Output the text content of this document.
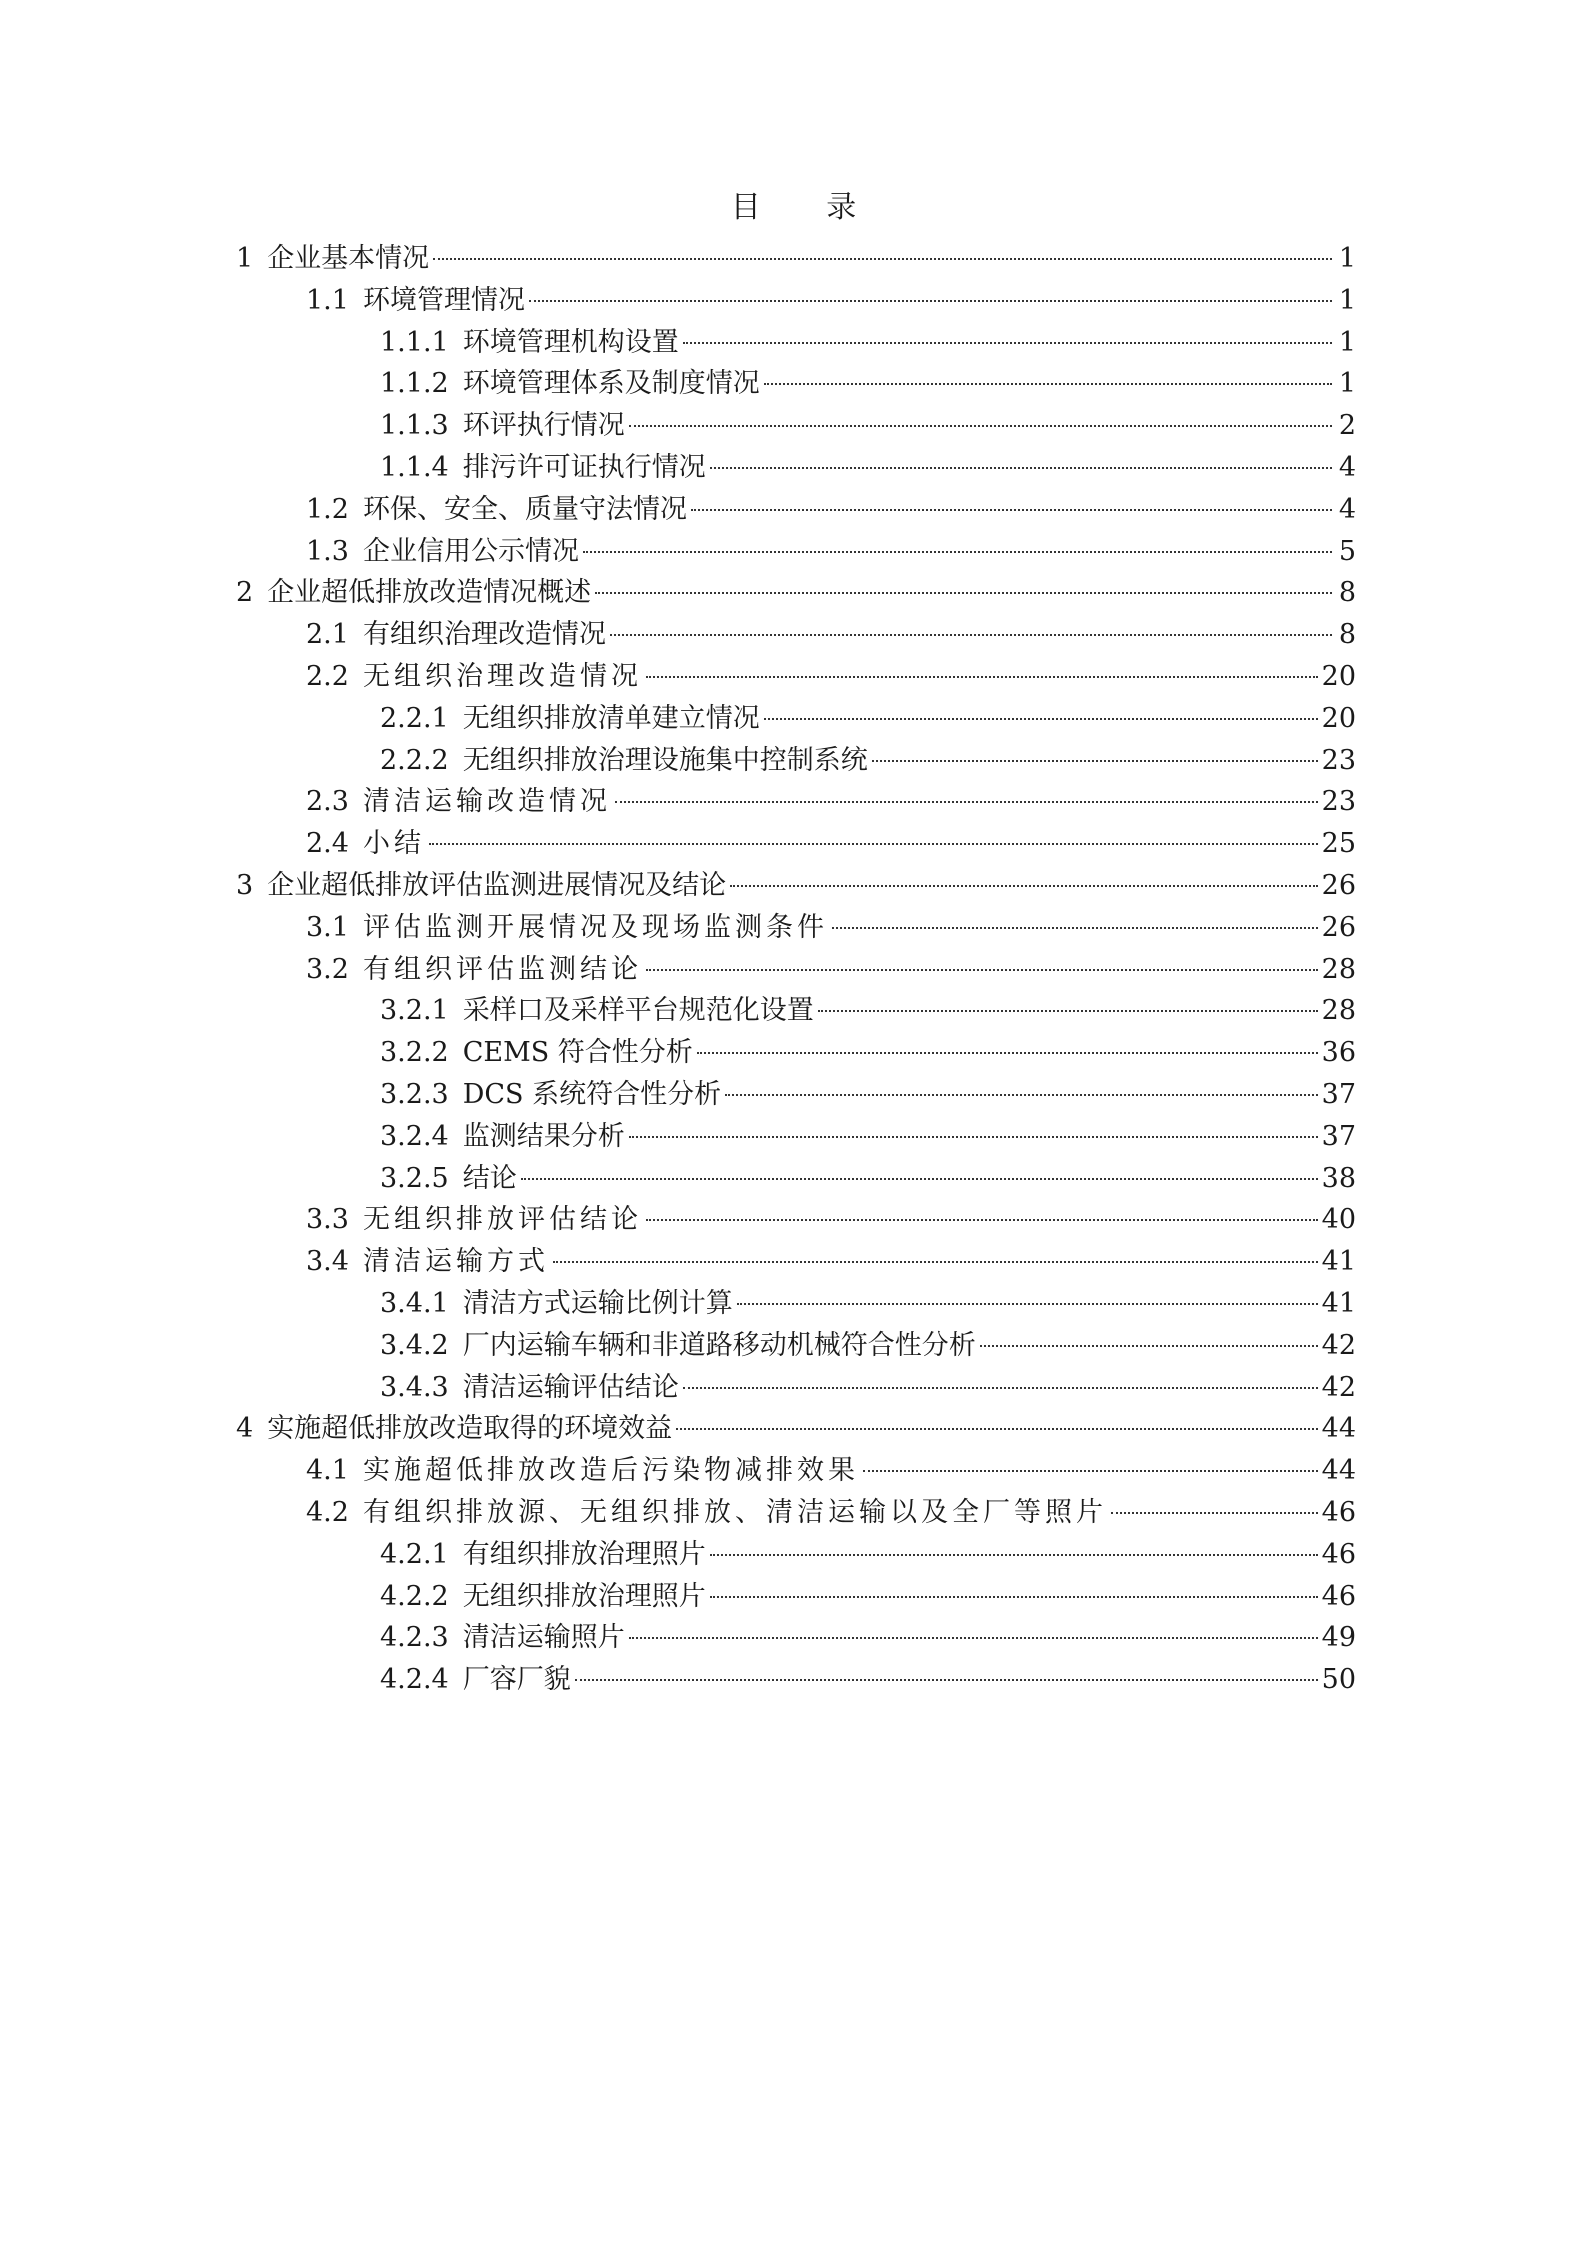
目 录
1 企业基本情况	1
1.1 环境管理情况	1
1.1.1 环境管理机构设置	1
1.1.2 环境管理体系及制度情况	1
1.1.3 环评执行情况	2
1.1.4 排污许可证执行情况	4
1.2 环保、安全、质量守法情况	4
1.3 企业信用公示情况	5
2 企业超低排放改造情况概述	8
2.1 有组织治理改造情况	8
2.2 无组织治理改造情况	20
2.2.1 无组织排放清单建立情况	20
2.2.2 无组织排放治理设施集中控制系统	23
2.3 清洁运输改造情况	23
2.4 小结	25
3 企业超低排放评估监测进展情况及结论	26
3.1 评估监测开展情况及现场监测条件	26
3.2 有组织评估监测结论	28
3.2.1 采样口及采样平台规范化设置	28
3.2.2 CEMS 符合性分析	36
3.2.3 DCS 系统符合性分析	37
3.2.4 监测结果分析	37
3.2.5 结论	38
3.3 无组织排放评估结论	40
3.4 清洁运输方式	41
3.4.1 清洁方式运输比例计算	41
3.4.2 厂内运输车辆和非道路移动机械符合性分析	42
3.4.3 清洁运输评估结论	42
4 实施超低排放改造取得的环境效益	44
4.1 实施超低排放改造后污染物减排效果	44
4.2 有组织排放源、无组织排放、清洁运输以及全厂等照片	46
4.2.1 有组织排放治理照片	46
4.2.2 无组织排放治理照片	46
4.2.3 清洁运输照片	49
4.2.4 厂容厂貌	50
